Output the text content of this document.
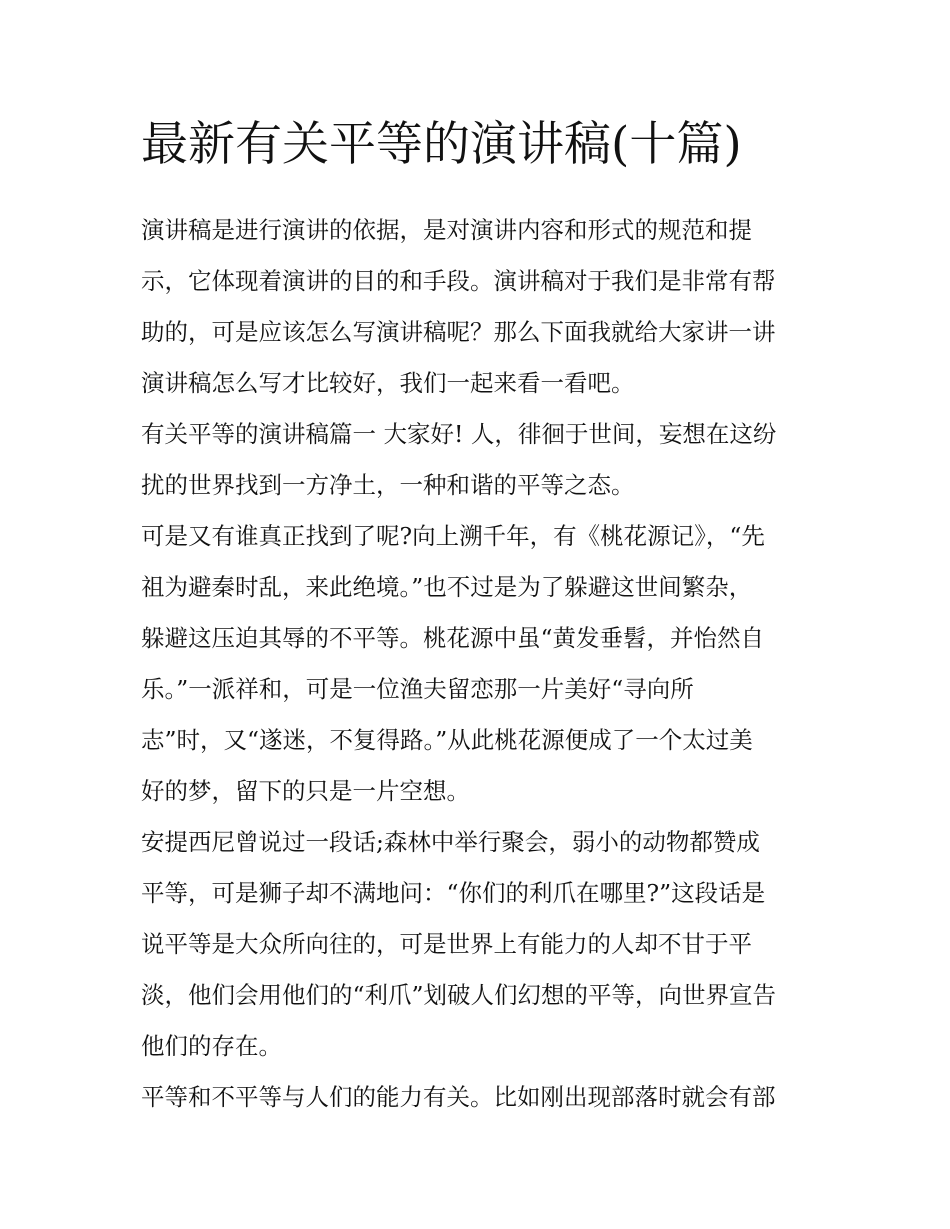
最新有关平等的演讲稿(十篇)
演讲稿是进行演讲的依据，是对演讲内容和形式的规范和提
示，它体现着演讲的目的和手段。演讲稿对于我们是非常有帮
助的，可是应该怎么写演讲稿呢？那么下面我就给大家讲一讲
演讲稿怎么写才比较好，我们一起来看一看吧。
有关平等的演讲稿篇一 大家好! 人，徘徊于世间，妄想在这纷
扰的世界找到一方净土，一种和谐的平等之态。
可是又有谁真正找到了呢?向上溯千年，有《桃花源记》，“先
祖为避秦时乱，来此绝境。”也不过是为了躲避这世间繁杂，
躲避这压迫其辱的不平等。桃花源中虽“黄发垂髫，并怡然自
乐。”一派祥和，可是一位渔夫留恋那一片美好“寻向所
志”时，又“遂迷，不复得路。”从此桃花源便成了一个太过美
好的梦，留下的只是一片空想。
安提西尼曾说过一段话;森林中举行聚会，弱小的动物都赞成
平等，可是狮子却不满地问：“你们的利爪在哪里?”这段话是
说平等是大众所向往的，可是世界上有能力的人却不甘于平
淡，他们会用他们的“利爪”划破人们幻想的平等，向世界宣告
他们的存在。
平等和不平等与人们的能力有关。比如刚出现部落时就会有部
